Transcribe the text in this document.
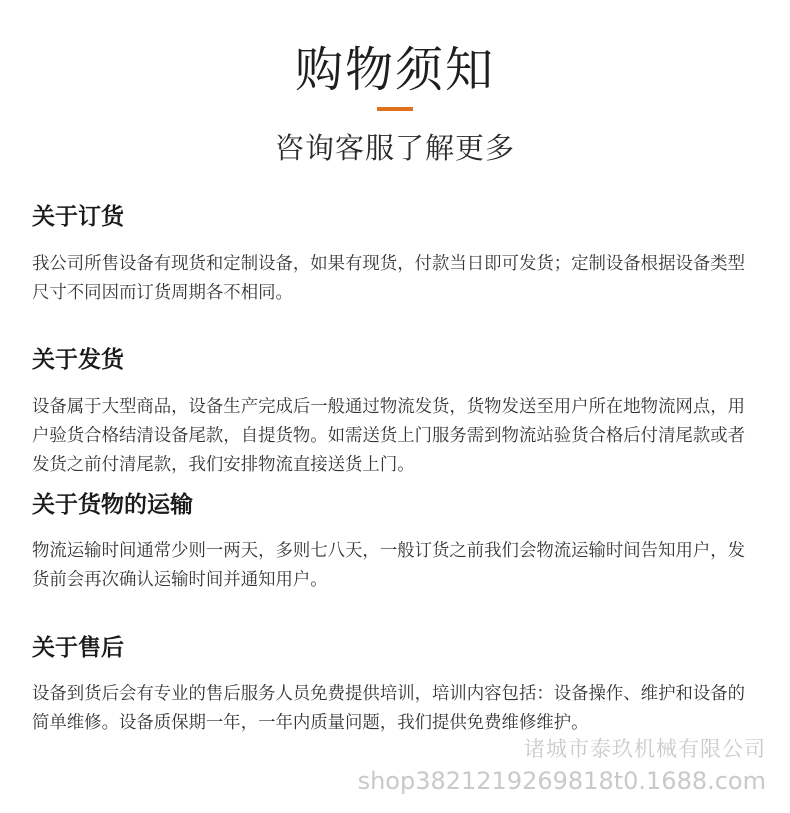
购物须知
咨询客服了解更多
关于订货

我公司所售设备有现货和定制设备，如果有现货，付款当日即可发货；定制设备根据设备类型尺寸不同因而订货周期各不相同。

关于发货

设备属于大型商品，设备生产完成后一般通过物流发货，货物发送至用户所在地物流网点，用户验货合格结清设备尾款，自提货物。如需送货上门服务需到物流站验货合格后付清尾款或者发货之前付清尾款，我们安排物流直接送货上门。

关于货物的运输

物流运输时间通常少则一两天，多则七八天，一般订货之前我们会物流运输时间告知用户，发货前会再次确认运输时间并通知用户。

关于售后

设备到货后会有专业的售后服务人员免费提供培训，培训内容包括：设备操作、维护和设备的简单维修。设备质保期一年，一年内质量问题，我们提供免费维修维护。

诸城市泰玖机械有限公司
shop3821219269818t0.1688.com
